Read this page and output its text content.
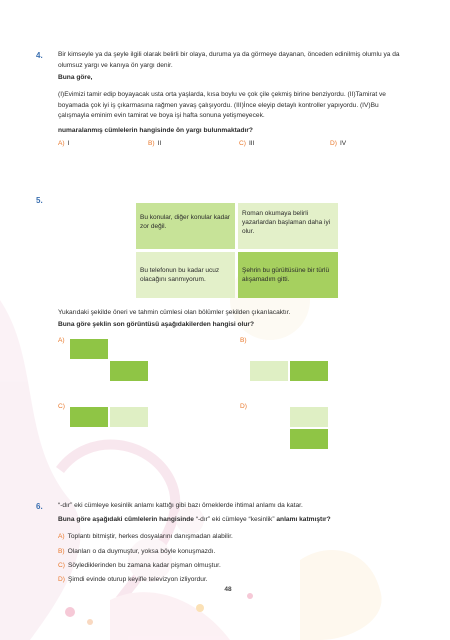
4. Bir kimseyle ya da şeyle ilgili olarak belirli bir olaya, duruma ya da görmeye dayanan, önceden edinilmiş olumlu ya da olumsuz yargı ve kanıya ön yargı denir.
Buna göre,
(I)Evimizi tamir edip boyayacak usta orta yaşlarda, kısa boylu ve çok çile çekmiş birine benziyordu. (II)Tamirat ve boyamada çok iyi iş çıkarmasına rağmen yavaş çalışıyordu. (III)İnce eleyip detaylı kontroller yapıyordu. (IV)Bu çalışmayla eminim evin tamirat ve boya işi hafta sonuna yetişmeyecek.
numaralanmış cümlelerin hangisinde ön yargı bulunmaktadır?
A) I	B) II	C) III	D) IV
5.
Bu konular, diğer konular kadar zor değil.
Roman okumaya belirli yazarlardan başlaman daha iyi olur.
Bu telefonun bu kadar ucuz olacağını sanmıyorum.
Şehrin bu gürültüsüne bir türlü alışamadım gitti.
Yukarıdaki şekilde öneri ve tahmin cümlesi olan bölümler şekilden çıkarılacaktır.
Buna göre şeklin son görüntüsü aşağıdakilerden hangisi olur?
A)	B)
C)	D)
6. “-dır” eki cümleye kesinlik anlamı kattığı gibi bazı örneklerde ihtimal anlamı da katar.
Buna göre aşağıdaki cümlelerin hangisinde “-dır” eki cümleye “kesinlik” anlamı katmıştır?
A) Toplantı bitmiştir, herkes dosyalarını danışmadan alabilir.
B) Olanları o da duymuştur, yoksa böyle konuşmazdı.
C) Söylediklerinden bu zamana kadar pişman olmuştur.
D) Şimdi evinde oturup keyifle televizyon izliyordur.
48
